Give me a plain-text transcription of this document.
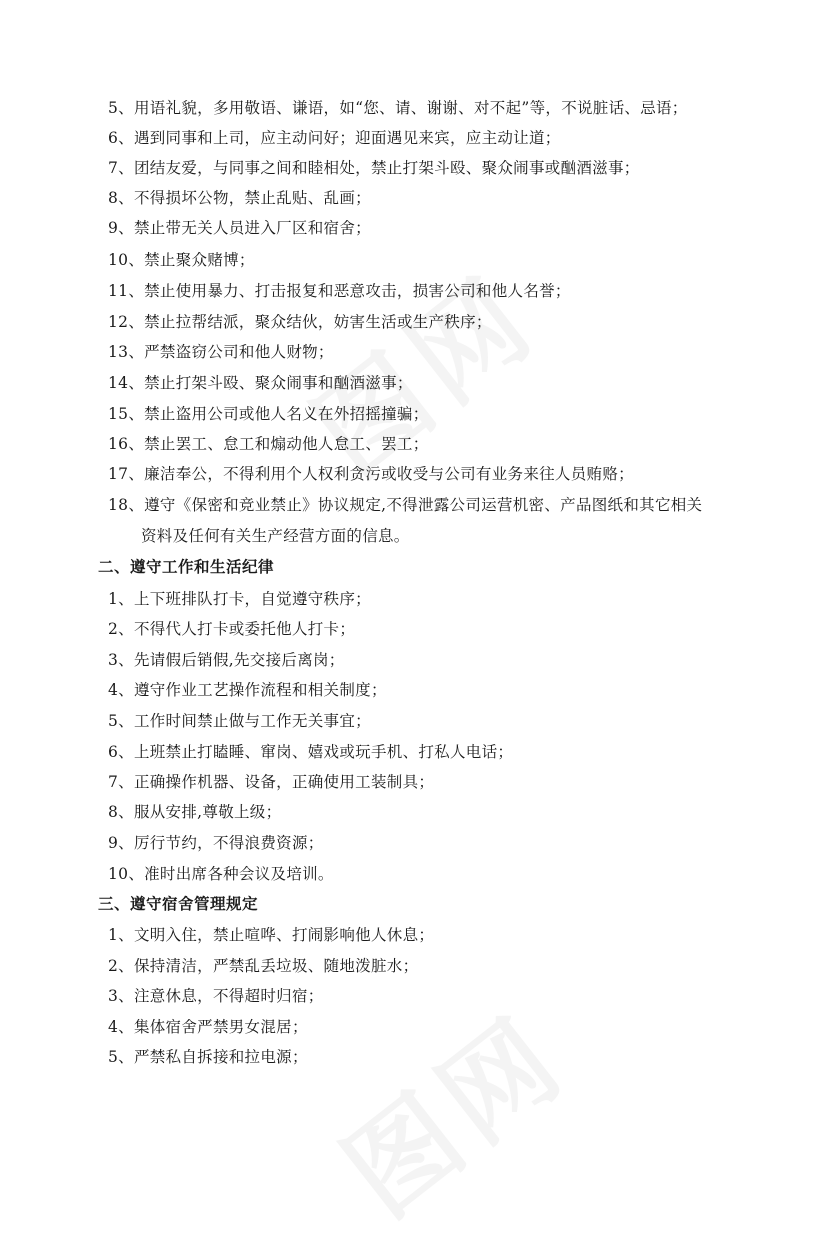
5、用语礼貌，多用敬语、谦语，如“您、请、谢谢、对不起”等，不说脏话、忌语；
6、遇到同事和上司，应主动问好；迎面遇见来宾，应主动让道；
7、团结友爱，与同事之间和睦相处，禁止打架斗殴、聚众闹事或酗酒滋事；
8、不得损坏公物，禁止乱贴、乱画；
9、禁止带无关人员进入厂区和宿舍；
10、禁止聚众赌博；
11、禁止使用暴力、打击报复和恶意攻击，损害公司和他人名誉；
12、禁止拉帮结派，聚众结伙，妨害生活或生产秩序；
13、严禁盗窃公司和他人财物；
14、禁止打架斗殴、聚众闹事和酗酒滋事；
15、禁止盗用公司或他人名义在外招摇撞骗；
16、禁止罢工、怠工和煽动他人怠工、罢工；
17、廉洁奉公，不得利用个人权利贪污或收受与公司有业务来往人员贿赂；
18、遵守《保密和竞业禁止》协议规定,不得泄露公司运营机密、产品图纸和其它相关
资料及任何有关生产经营方面的信息。
二、遵守工作和生活纪律
1、上下班排队打卡，自觉遵守秩序；
2、不得代人打卡或委托他人打卡；
3、先请假后销假,先交接后离岗；
4、遵守作业工艺操作流程和相关制度；
5、工作时间禁止做与工作无关事宜；
6、上班禁止打瞌睡、窜岗、嬉戏或玩手机、打私人电话；
7、正确操作机器、设备，正确使用工装制具；
8、服从安排,尊敬上级；
9、厉行节约，不得浪费资源；
10、准时出席各种会议及培训。
三、遵守宿舍管理规定
1、文明入住，禁止喧哗、打闹影响他人休息；
2、保持清洁，严禁乱丢垃圾、随地泼脏水；
3、注意休息，不得超时归宿；
4、集体宿舍严禁男女混居；
5、严禁私自拆接和拉电源；
